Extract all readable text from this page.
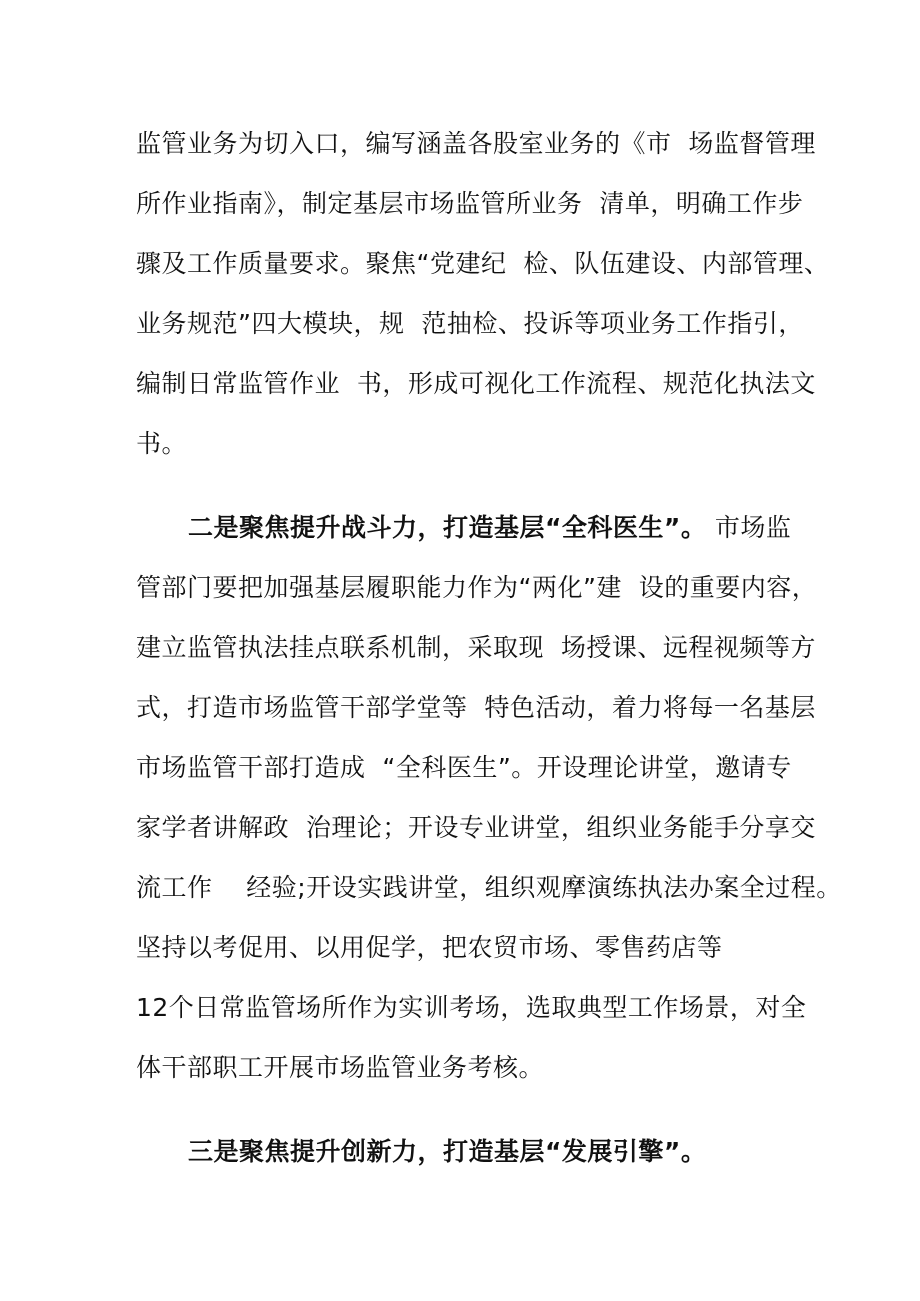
监管业务为切入口，编写涵盖各股室业务的《市  场监督管理
所作业指南》，制定基层市场监管所业务  清单，明确工作步
骤及工作质量要求。聚焦“党建纪  检、队伍建设、内部管理、
业务规范”四大模块，规  范抽检、投诉等项业务工作指引，
编制日常监管作业  书，形成可视化工作流程、规范化执法文
书。
二是聚焦提升战斗力，打造基层“全科医生”。 市场监
管部门要把加强基层履职能力作为“两化”建  设的重要内容，
建立监管执法挂点联系机制，采取现  场授课、远程视频等方
式，打造市场监管干部学堂等  特色活动，着力将每一名基层
市场监管干部打造成  “全科医生”。开设理论讲堂，邀请专
家学者讲解政  治理论；开设专业讲堂，组织业务能手分享交
流工作    经验;开设实践讲堂，组织观摩演练执法办案全过程。
坚持以考促用、以用促学，把农贸市场、零售药店等
12个日常监管场所作为实训考场，选取典型工作场景，对全
体干部职工开展市场监管业务考核。
三是聚焦提升创新力，打造基层“发展引擎”。
